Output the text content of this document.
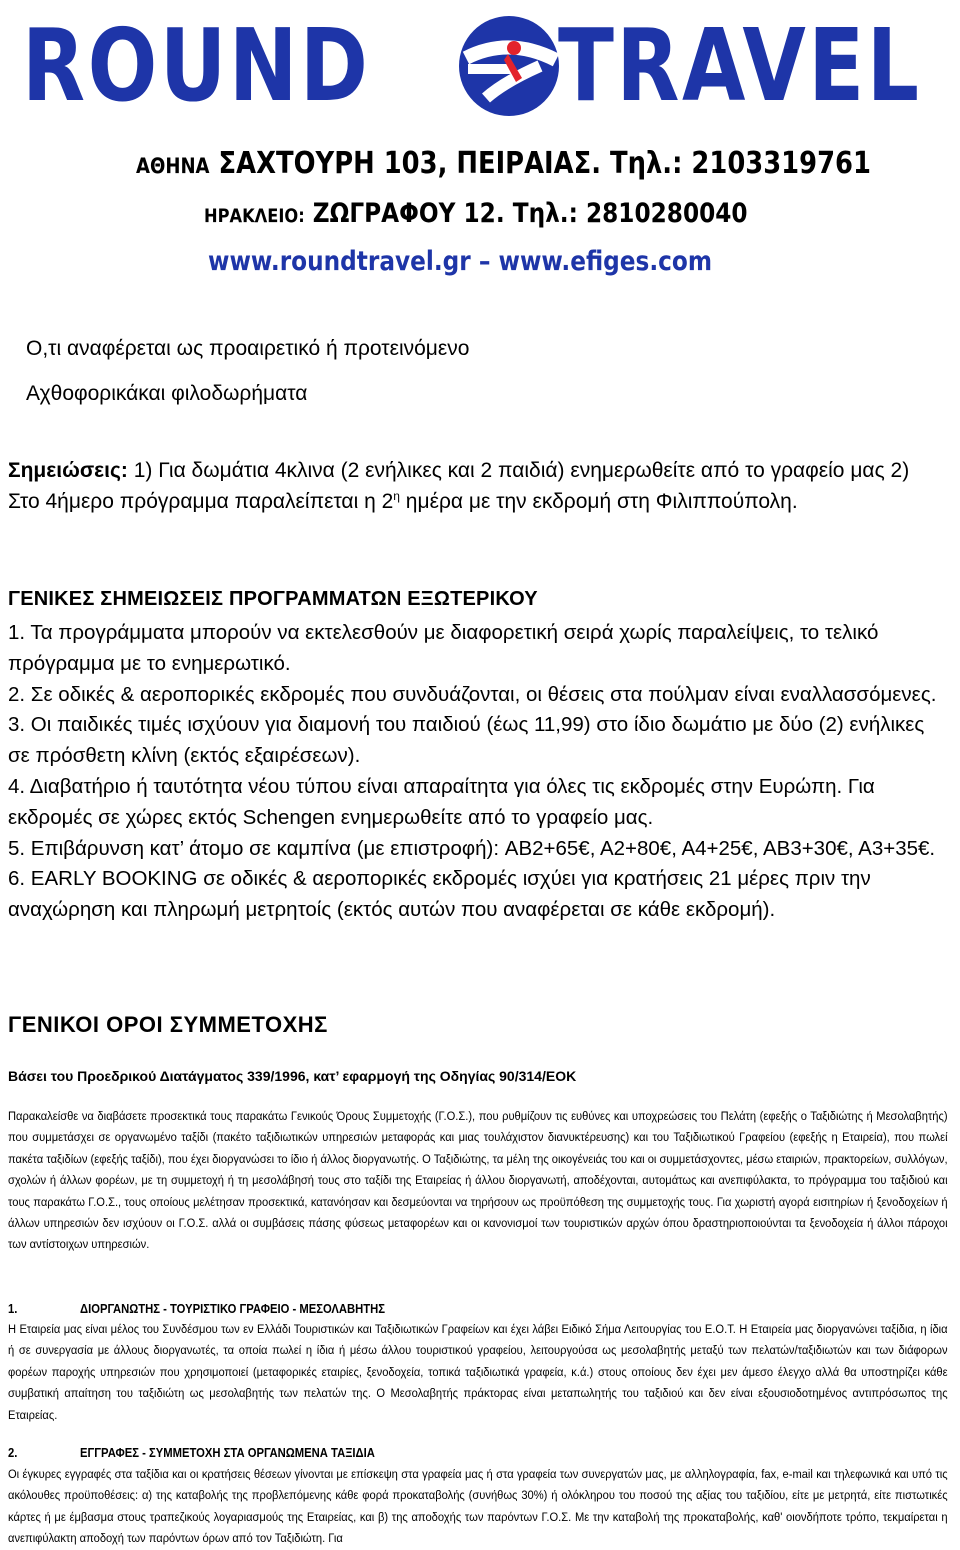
ROUND TRAVEL
ΑΘΗΝΑ ΣΑΧΤΟΥΡΗ 103, ΠΕΙΡΑΙΑΣ. Τηλ.: 2103319761
ΗΡΑΚΛΕΙΟ: ΖΩΓΡΑΦΟΥ 12. Τηλ.: 2810280040
www.roundtravel.gr – www.efiges.com
Ο,τι αναφέρεται ως προαιρετικό ή προτεινόμενο
Αχθοφορικάκαι φιλοδωρήματα

Σημειώσεις: 1) Για δωμάτια 4κλινα (2 ενήλικες και 2 παιδιά) ενημερωθείτε από το γραφείο μας 2) Στο 4ήμερο πρόγραμμα παραλείπεται η $2^\eta$ ημέρα με την εκδρομή στη Φιλιππούπολη.

ΓΕΝΙΚΕΣ ΣΗΜΕΙΩΣΕΙΣ ΠΡΟΓΡΑΜΜΑΤΩΝ ΕΞΩΤΕΡΙΚΟΥ

1. Τα προγράμματα μπορούν να εκτελεσθούν με διαφορετική σειρά χωρίς παραλείψεις, το τελικό πρόγραμμα με το ενημερωτικό.

2. Σε οδικές & αεροπορικές εκδρομές που συνδυάζονται, οι θέσεις στα πούλμαν είναι εναλλασσόμενες.

3. Οι παιδικές τιμές ισχύουν για διαμονή του παιδιού (έως 11,99) στο ίδιο δωμάτιο με δύο (2) ενήλικες σε πρόσθετη κλίνη (εκτός εξαιρέσεων).

4. Διαβατήριο ή ταυτότητα νέου τύπου είναι απαραίτητα για όλες τις εκδρομές στην Ευρώπη. Για εκδρομές σε χώρες εκτός Schengen ενημερωθείτε από το γραφείο μας.

5. Επιβάρυνση κατ’ άτομο σε καμπίνα (με επιστροφή): AB2+65€, A2+80€, A4+25€, AB3+30€, A3+35€.

6. EARLY BOOKING σε οδικές & αεροπορικές εκδρομές ισχύει για κρατήσεις 21 μέρες πριν την αναχώρηση και πληρωμή μετρητοίς (εκτός αυτών που αναφέρεται σε κάθε εκδρομή).

ΓΕΝΙΚΟΙ ΟΡΟΙ ΣΥΜΜΕΤΟΧΗΣ
Βάσει του Προεδρικού Διατάγματος 339/1996, κατ’ εφαρμογή της Οδηγίας 90/314/ΕΟΚ

Παρακαλείσθε να διαβάσετε προσεκτικά τους παρακάτω Γενικούς Όρους Συμμετοχής (Γ.Ο.Σ.), που ρυθμίζουν τις ευθύνες και υποχρεώσεις του Πελάτη (εφεξής ο Ταξιδιώτης ή Μεσολαβητής) που συμμετάσχει σε οργανωμένο ταξίδι (πακέτο ταξιδιωτικών υπηρεσιών μεταφοράς και μιας τουλάχιστον διανυκτέρευσης) και του Ταξιδιωτικού Γραφείου (εφεξής η Εταιρεία), που πωλεί πακέτα ταξιδίων (εφεξής ταξίδι), που έχει διοργανώσει το ίδιο ή άλλος διοργανωτής. Ο Ταξιδιώτης, τα μέλη της οικογένειάς του και οι συμμετάσχοντες, μέσω εταιριών, πρακτορείων, συλλόγων, σχολών ή άλλων φορέων, με τη συμμετοχή ή τη μεσολάβησή τους στο ταξίδι της Εταιρείας ή άλλου διοργανωτή, αποδέχονται, αυτομάτως και ανεπιφύλακτα, το πρόγραμμα του ταξιδιού και τους παρακάτω Γ.Ο.Σ., τους οποίους μελέτησαν προσεκτικά, κατανόησαν και δεσμεύονται να τηρήσουν ως προϋπόθεση της συμμετοχής τους. Για χωριστή αγορά εισιτηρίων ή ξενοδοχείων ή άλλων υπηρεσιών δεν ισχύουν οι Γ.Ο.Σ. αλλά οι συμβάσεις πάσης φύσεως μεταφορέων και οι κανονισμοί των τουριστικών αρχών όπου δραστηριοποιούνται τα ξενοδοχεία ή άλλοι πάροχοι των αντίστοιχων υπηρεσιών.

1.	ΔΙΟΡΓΑΝΩΤΗΣ - ΤΟΥΡΙΣΤΙΚΟ ΓΡΑΦΕΙΟ - ΜΕΣΟΛΑΒΗΤΗΣ

Η Εταιρεία μας είναι μέλος του Συνδέσμου των εν Ελλάδι Τουριστικών και Ταξιδιωτικών Γραφείων και έχει λάβει Ειδικό Σήμα Λειτουργίας του Ε.Ο.Τ. Η Εταιρεία μας διοργανώνει ταξίδια, η ίδια ή σε συνεργασία με άλλους διοργανωτές, τα οποία πωλεί η ίδια ή μέσω άλλου τουριστικού γραφείου, λειτουργούσα ως μεσολαβητής μεταξύ των πελατών/ταξιδιωτών και των διάφορων φορέων παροχής υπηρεσιών που χρησιμοποιεί (μεταφορικές εταιρίες, ξενοδοχεία, τοπικά ταξιδιωτικά γραφεία, κ.ά.) στους οποίους δεν έχει μεν άμεσο έλεγχο αλλά θα υποστηρίζει κάθε συμβατική απαίτηση του ταξιδιώτη ως μεσολαβητής των πελατών της. Ο Μεσολαβητής πράκτορας είναι μεταπωλητής του ταξιδιού και δεν είναι εξουσιοδοτημένος αντιπρόσωπος της Εταιρείας.

2.	ΕΓΓΡΑΦΕΣ - ΣΥΜΜΕΤΟΧΗ ΣΤΑ ΟΡΓΑΝΩΜΕΝΑ ΤΑΞΙΔΙΑ

Οι έγκυρες εγγραφές στα ταξίδια και οι κρατήσεις θέσεων γίνονται με επίσκεψη στα γραφεία μας ή στα γραφεία των συνεργατών μας, με αλληλογραφία, fax, e-mail και τηλεφωνικά και υπό τις ακόλουθες προϋποθέσεις: α) της καταβολής της προβλεπόμενης κάθε φορά προκαταβολής (συνήθως 30%) ή ολόκληρου του ποσού της αξίας του ταξιδίου, είτε με μετρητά, είτε πιστωτικές κάρτες ή με έμβασμα στους τραπεζικούς λογαριασμούς της Εταιρείας, και β) της αποδοχής των παρόντων Γ.Ο.Σ. Με την καταβολή της προκαταβολής, καθ' οιονδήποτε τρόπο, τεκμαίρεται η ανεπιφύλακτη αποδοχή των παρόντων όρων από τον Ταξιδιώτη. Για
